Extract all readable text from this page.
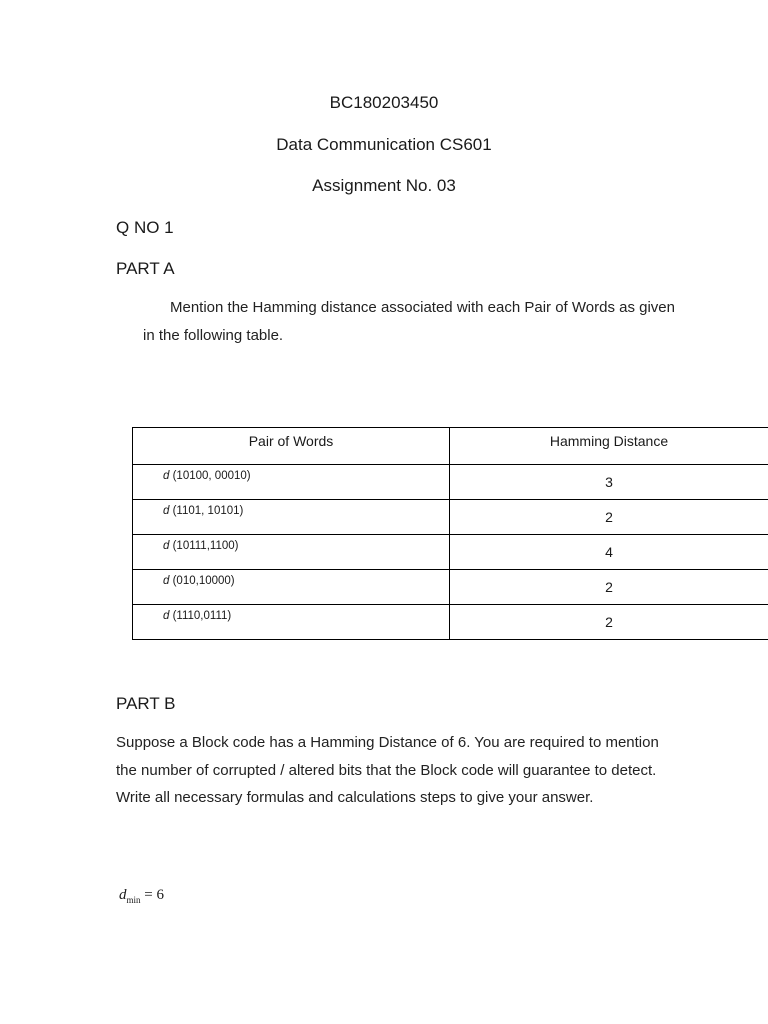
BC180203450
Data Communication CS601
Assignment No. 03
Q NO 1
PART A
Mention the Hamming distance associated with each Pair of Words as given in the following table.
Pair of Words	Hamming Distance
d (10100, 00010)	3
d (1101, 10101)	2
d (10111,1100)	4
d (010,10000)	2
d (1110,0111)	2
PART B
Suppose a Block code has a Hamming Distance of 6. You are required to mention the number of corrupted / altered bits that the Block code will guarantee to detect. Write all necessary formulas and calculations steps to give your answer.
$d_{min} = 6$
